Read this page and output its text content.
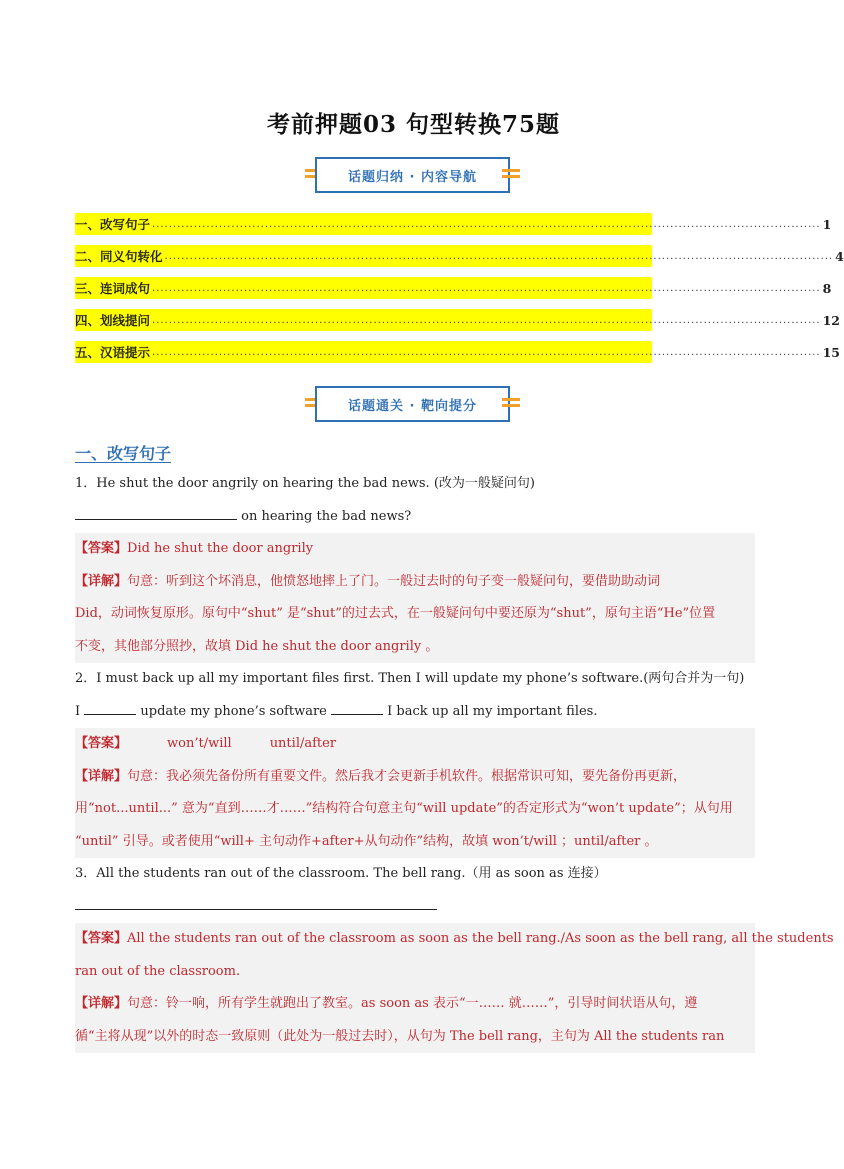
考前押题03 句型转换75题
话题归纳 · 内容导航
一、改写句子 ................................................................................................................................................................ 1
二、同义句转化 ................................................................................................................................................................ 4
三、连词成句 ................................................................................................................................................................ 8
四、划线提问 ................................................................................................................................................................ 12
五、汉语提示 ................................................................................................................................................................ 15
话题通关 · 靶向提分
一、改写句子
1．He shut the door angrily on hearing the bad news. (改为一般疑问句)
on hearing the bad news?
【答案】Did he shut the door angrily
【详解】句意：听到这个坏消息，他愤怒地摔上了门。一般过去时的句子变一般疑问句，要借助助动词
Did，动词恢复原形。原句中“shut” 是“shut”的过去式，在一般疑问句中要还原为“shut”，原句主语“He”位置
不变，其他部分照抄，故填 Did he shut the door angrily 。
2．I must back up all my important files first. Then I will update my phone’s software.(两句合并为一句)
I	update my phone’s software	I back up all my important files.
【答案】	won’t/will	until/after
【详解】句意：我必须先备份所有重要文件。然后我才会更新手机软件。根据常识可知，要先备份再更新，
用“not...until...” 意为“直到……才……”结构符合句意主句“will update”的否定形式为“won’t update”；从句用
“until” 引导。或者使用“will+ 主句动作+after+从句动作”结构，故填 won’t/will ；until/after 。
3．All the students ran out of the classroom. The bell rang.（用 as soon as 连接）
【答案】All the students ran out of the classroom as soon as the bell rang./As soon as the bell rang, all the students
ran out of the classroom.
【详解】句意：铃一响，所有学生就跑出了教室。as soon as 表示“一…… 就……”，引导时间状语从句，遵
循“主将从现”以外的时态一致原则（此处为一般过去时），从句为 The bell rang，主句为 All the students ran
